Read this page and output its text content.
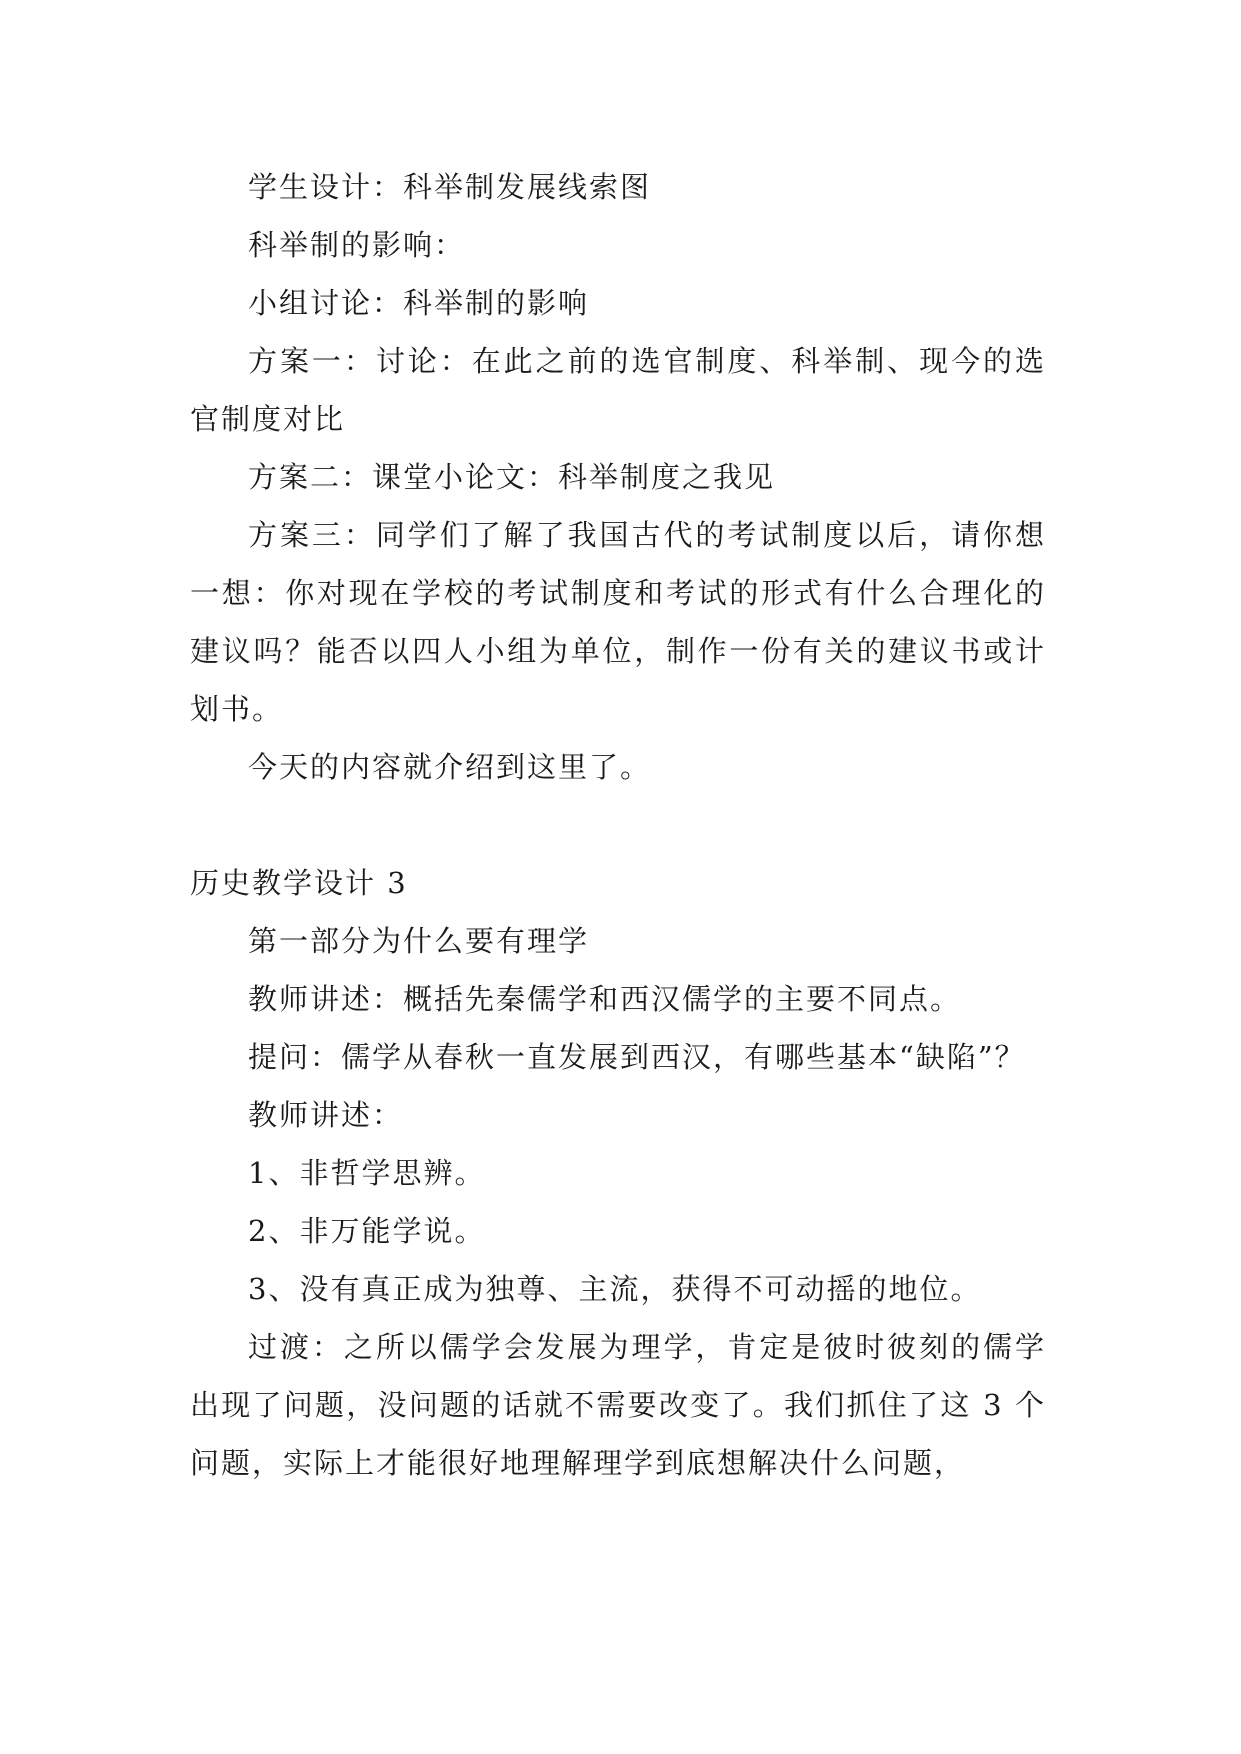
学生设计：科举制发展线索图

科举制的影响：

小组讨论：科举制的影响

方案一：讨论：在此之前的选官制度、科举制、现今的选官制度对比

方案二：课堂小论文：科举制度之我见

方案三：同学们了解了我国古代的考试制度以后，请你想一想：你对现在学校的考试制度和考试的形式有什么合理化的建议吗？能否以四人小组为单位，制作一份有关的建议书或计划书。

今天的内容就介绍到这里了。

历史教学设计 3

第一部分为什么要有理学

教师讲述：概括先秦儒学和西汉儒学的主要不同点。

提问：儒学从春秋一直发展到西汉，有哪些基本“缺陷”？

教师讲述：

1、非哲学思辨。

2、非万能学说。

3、没有真正成为独尊、主流，获得不可动摇的地位。

过渡：之所以儒学会发展为理学，肯定是彼时彼刻的儒学出现了问题，没问题的话就不需要改变了。我们抓住了这 3 个问题，实际上才能很好地理解理学到底想解决什么问题，
